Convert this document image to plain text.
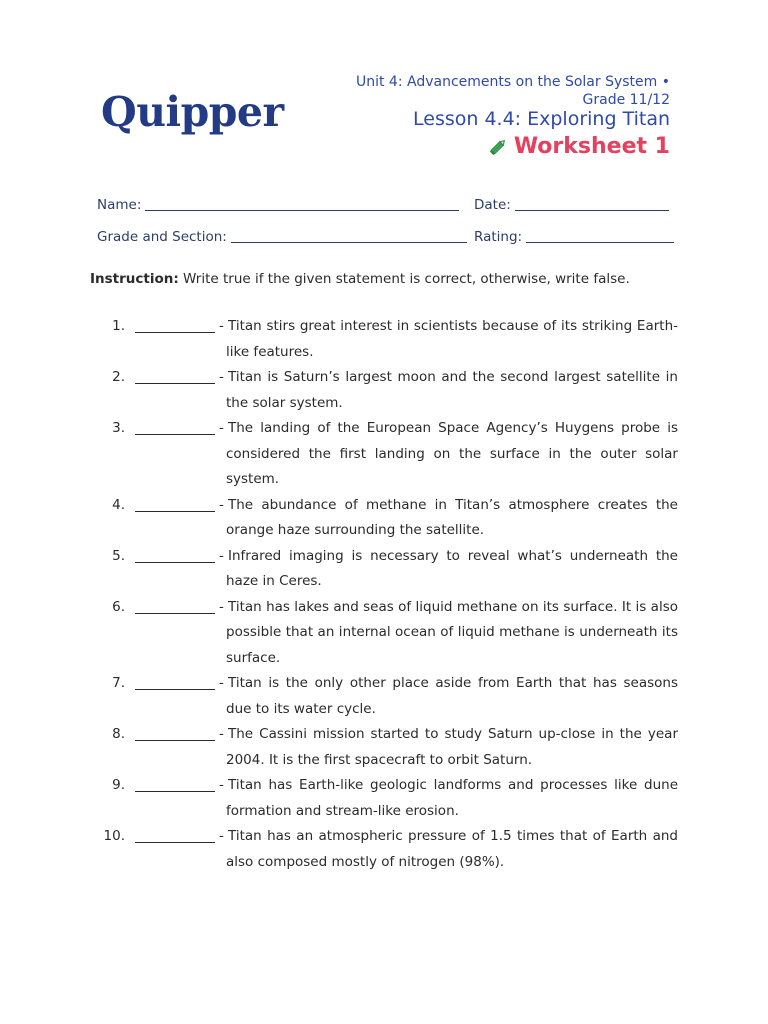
Quipper
Unit 4: Advancements on the Solar System • Grade 11/12
Lesson 4.4: Exploring Titan
Worksheet 1
Name:	Date:
Grade and Section:	Rating:
Instruction: Write true if the given statement is correct, otherwise, write false.
1.	- Titan stirs great interest in scientists because of its striking Earth-like features.
2.	- Titan is Saturn’s largest moon and the second largest satellite in the solar system.
3.	- The landing of the European Space Agency’s Huygens probe is considered the first landing on the surface in the outer solar system.
4.	- The abundance of methane in Titan’s atmosphere creates the orange haze surrounding the satellite.
5.	- Infrared imaging is necessary to reveal what’s underneath the haze in Ceres.
6.	- Titan has lakes and seas of liquid methane on its surface. It is also possible that an internal ocean of liquid methane is underneath its surface.
7.	- Titan is the only other place aside from Earth that has seasons due to its water cycle.
8.	- The Cassini mission started to study Saturn up-close in the year 2004. It is the first spacecraft to orbit Saturn.
9.	- Titan has Earth-like geologic landforms and processes like dune formation and stream-like erosion.
10.	- Titan has an atmospheric pressure of 1.5 times that of Earth and also composed mostly of nitrogen (98%).
